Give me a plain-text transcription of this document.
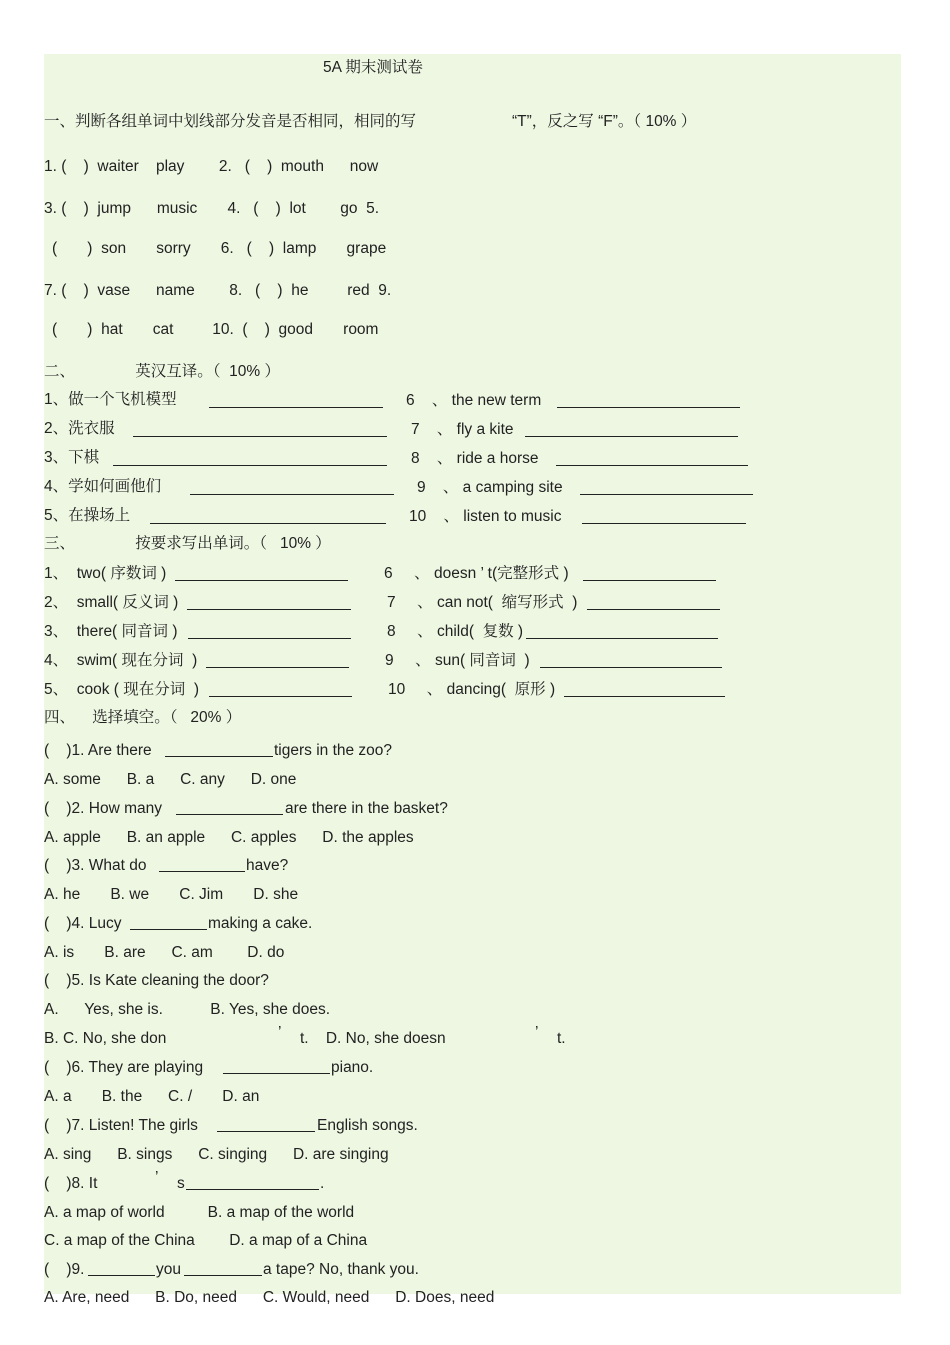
5A 期末测试卷
一、判断各组单词中划线部分发音是否相同，相同的写	“T”，反之写 “F”。（ 10% ）
1. (    )  waiter    play        2.   (    )  mouth      now
3. (    )  jump      music       4.   (    )  lot        go  5.
(       )  son       sorry       6.   (    )  lamp       grape
7. (    )  vase      name        8.   (    )  he         red  9.
(       )  hat       cat         10.  (    )  good       room
二、              英汉互译。（  10% ）
1、做一个飞机模型	6    、 the new term
2、洗衣服	7    、 fly a kite
3、下棋	8    、 ride a horse
4、学如何画他们	9    、 a camping site
5、在操场上	10    、 listen to music
三、              按要求写出单词。（   10% ）
1、  two( 序数词 )	6     、 doesn ’ t(完整形式 )
2、  small( 反义词 )	7     、 can not(  缩写形式  )
3、  there( 同音词 )	8     、 child(  复数 )
4、  swim( 现在分词  )	9     、 sun( 同音词  )
5、  cook ( 现在分词  )	10     、 dancing(  原形 )
四、    选择填空。（   20% ）
(    )1. Are there	tigers in the zoo?
A. some      B. a      C. any      D. one
(    )2. How many	are there in the basket?
A. apple      B. an apple      C. apples      D. the apples
(    )3. What do	have?
A. he       B. we       C. Jim       D. she
(    )4. Lucy	making a cake.
A. is       B. are      C. am        D. do
(    )5. Is Kate cleaning the door?
A.      Yes, she is.           B. Yes, she does.
B. C. No, she don	’ t.    D. No, she doesn	’ t.
(    )6. They are playing	piano.
A. a       B. the      C. /       D. an
(    )7. Listen! The girls	English songs.
A. sing      B. sings      C. singing      D. are singing
(    )8. It	’ s	.
A. a map of world          B. a map of the world
C. a map of the China        D. a map of a China
(    )9.	you	a tape? No, thank you.
A. Are, need      B. Do, need      C. Would, need      D. Does, need
